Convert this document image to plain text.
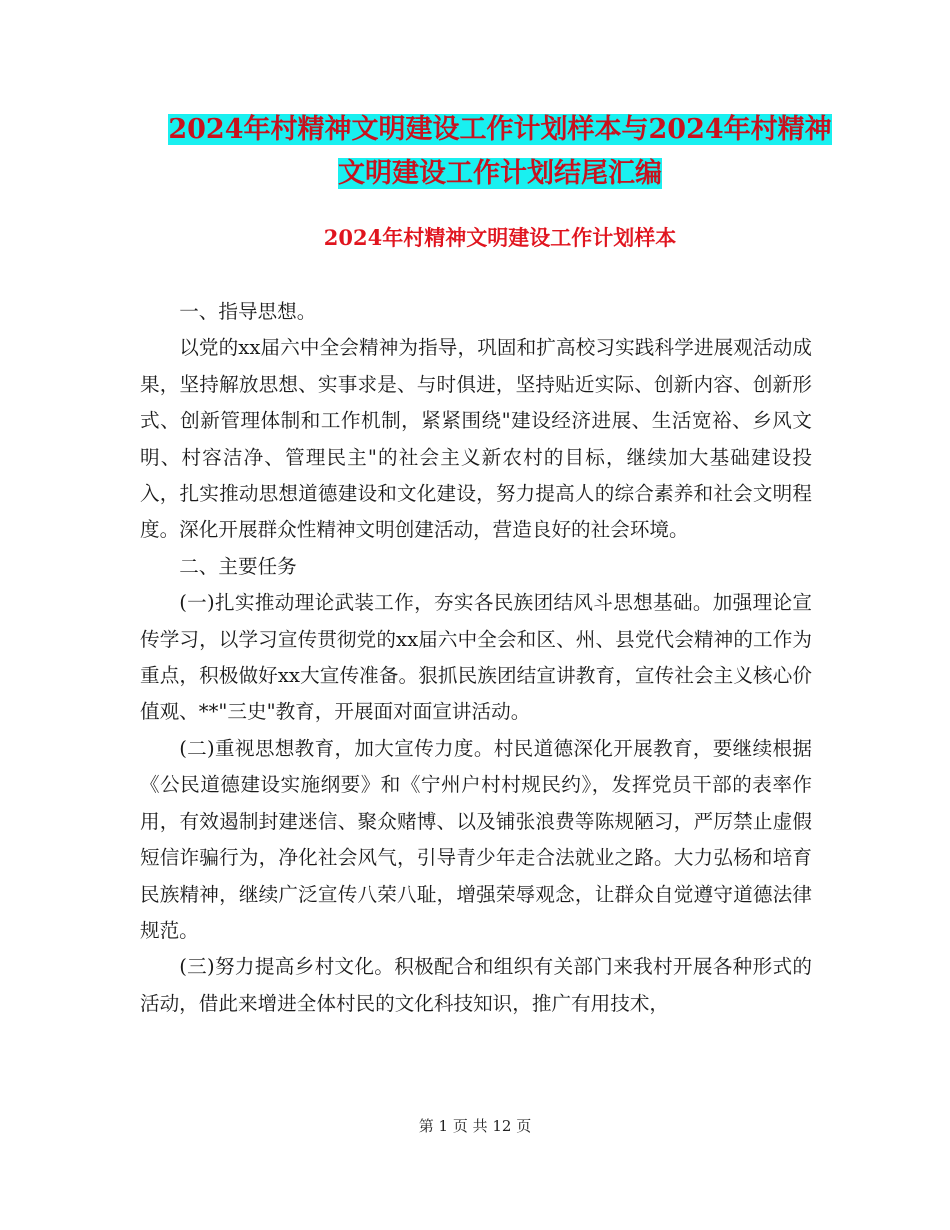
2024年村精神文明建设工作计划样本与2024年村精神
文明建设工作计划结尾汇编
2024年村精神文明建设工作计划样本

一、指导思想。

以党的xx届六中全会精神为指导，巩固和扩高校习实践科学进展观活动成果，坚持解放思想、实事求是、与时俱进，坚持贴近实际、创新内容、创新形式、创新管理体制和工作机制，紧紧围绕"建设经济进展、生活宽裕、乡风文明、村容洁净、管理民主"的社会主义新农村的目标，继续加大基础建设投入，扎实推动思想道德建设和文化建设，努力提高人的综合素养和社会文明程度。深化开展群众性精神文明创建活动，营造良好的社会环境。

二、主要任务

(一)扎实推动理论武装工作，夯实各民族团结风斗思想基础。加强理论宣传学习，以学习宣传贯彻党的xx届六中全会和区、州、县党代会精神的工作为重点，积极做好xx大宣传准备。狠抓民族团结宣讲教育，宣传社会主义核心价值观、**"三史"教育，开展面对面宣讲活动。

(二)重视思想教育，加大宣传力度。村民道德深化开展教育，要继续根据《公民道德建设实施纲要》和《宁州户村村规民约》，发挥党员干部的表率作用，有效遏制封建迷信、聚众赌博、以及铺张浪费等陈规陋习，严厉禁止虚假短信诈骗行为，净化社会风气，引导青少年走合法就业之路。大力弘杨和培育民族精神，继续广泛宣传八荣八耻，增强荣辱观念，让群众自觉遵守道德法律规范。

(三)努力提高乡村文化。积极配合和组织有关部门来我村开展各种形式的活动，借此来增进全体村民的文化科技知识，推广有用技术，

第 1 页 共 12 页
